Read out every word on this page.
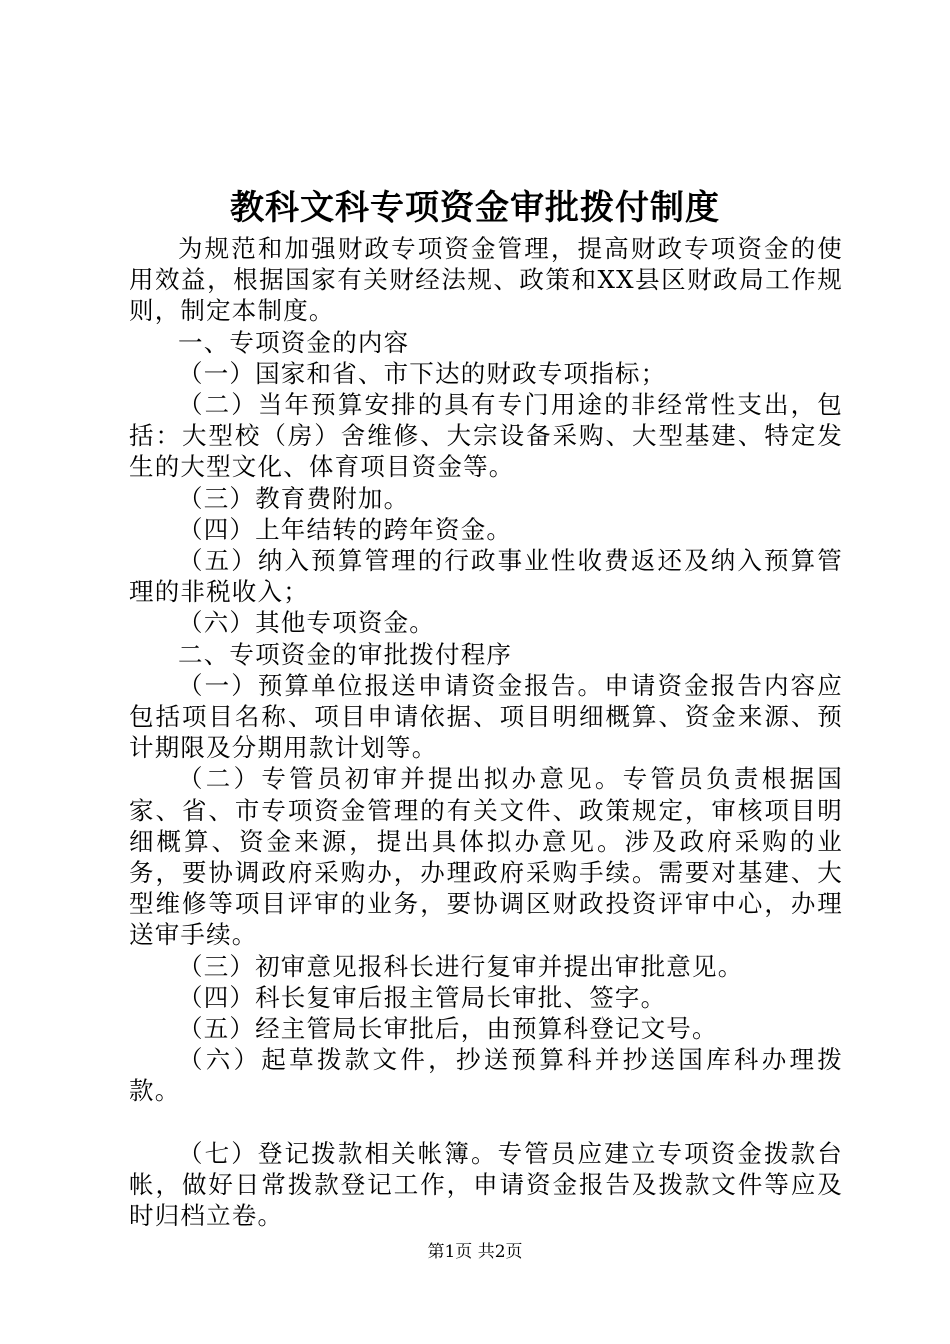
教科文科专项资金审批拨付制度

为规范和加强财政专项资金管理，提高财政专项资金的使用效益，根据国家有关财经法规、政策和XX县区财政局工作规则，制定本制度。

一、专项资金的内容

（一）国家和省、市下达的财政专项指标；

（二）当年预算安排的具有专门用途的非经常性支出，包括：大型校（房）舍维修、大宗设备采购、大型基建、特定发生的大型文化、体育项目资金等。

（三）教育费附加。

（四）上年结转的跨年资金。

（五）纳入预算管理的行政事业性收费返还及纳入预算管理的非税收入；

（六）其他专项资金。

二、专项资金的审批拨付程序

（一）预算单位报送申请资金报告。申请资金报告内容应包括项目名称、项目申请依据、项目明细概算、资金来源、预计期限及分期用款计划等。

（二）专管员初审并提出拟办意见。专管员负责根据国家、省、市专项资金管理的有关文件、政策规定，审核项目明细概算、资金来源，提出具体拟办意见。涉及政府采购的业务，要协调政府采购办，办理政府采购手续。需要对基建、大型维修等项目评审的业务，要协调区财政投资评审中心，办理送审手续。

（三）初审意见报科长进行复审并提出审批意见。

（四）科长复审后报主管局长审批、签字。

（五）经主管局长审批后，由预算科登记文号。

（六）起草拨款文件，抄送预算科并抄送国库科办理拨款。

（七）登记拨款相关帐簿。专管员应建立专项资金拨款台帐，做好日常拨款登记工作，申请资金报告及拨款文件等应及时归档立卷。

第1页 共2页
